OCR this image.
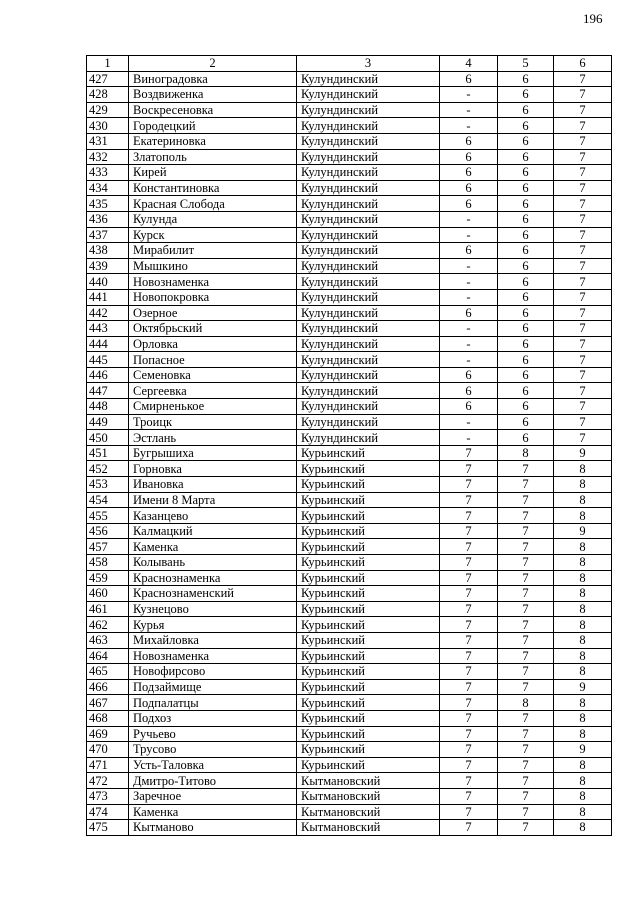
196
1	2	3	4	5	6
427	Виноградовка	Кулундинский	6	6	7
428	Воздвиженка	Кулундинский	-	6	7
429	Воскресеновка	Кулундинский	-	6	7
430	Городецкий	Кулундинский	-	6	7
431	Екатериновка	Кулундинский	6	6	7
432	Златополь	Кулундинский	6	6	7
433	Кирей	Кулундинский	6	6	7
434	Константиновка	Кулундинский	6	6	7
435	Красная Слобода	Кулундинский	6	6	7
436	Кулунда	Кулундинский	-	6	7
437	Курск	Кулундинский	-	6	7
438	Мирабилит	Кулундинский	6	6	7
439	Мышкино	Кулундинский	-	6	7
440	Новознаменка	Кулундинский	-	6	7
441	Новопокровка	Кулундинский	-	6	7
442	Озерное	Кулундинский	6	6	7
443	Октябрьский	Кулундинский	-	6	7
444	Орловка	Кулундинский	-	6	7
445	Попасное	Кулундинский	-	6	7
446	Семеновка	Кулундинский	6	6	7
447	Сергеевка	Кулундинский	6	6	7
448	Смирненькое	Кулундинский	6	6	7
449	Троицк	Кулундинский	-	6	7
450	Эстлань	Кулундинский	-	6	7
451	Бугрышиха	Курьинский	7	8	9
452	Горновка	Курьинский	7	7	8
453	Ивановка	Курьинский	7	7	8
454	Имени 8 Марта	Курьинский	7	7	8
455	Казанцево	Курьинский	7	7	8
456	Калмацкий	Курьинский	7	7	9
457	Каменка	Курьинский	7	7	8
458	Колывань	Курьинский	7	7	8
459	Краснознаменка	Курьинский	7	7	8
460	Краснознаменский	Курьинский	7	7	8
461	Кузнецово	Курьинский	7	7	8
462	Курья	Курьинский	7	7	8
463	Михайловка	Курьинский	7	7	8
464	Новознаменка	Курьинский	7	7	8
465	Новофирсово	Курьинский	7	7	8
466	Подзаймище	Курьинский	7	7	9
467	Подпалатцы	Курьинский	7	8	8
468	Подхоз	Курьинский	7	7	8
469	Ручьево	Курьинский	7	7	8
470	Трусово	Курьинский	7	7	9
471	Усть-Таловка	Курьинский	7	7	8
472	Дмитро-Титово	Кытмановский	7	7	8
473	Заречное	Кытмановский	7	7	8
474	Каменка	Кытмановский	7	7	8
475	Кытманово	Кытмановский	7	7	8
